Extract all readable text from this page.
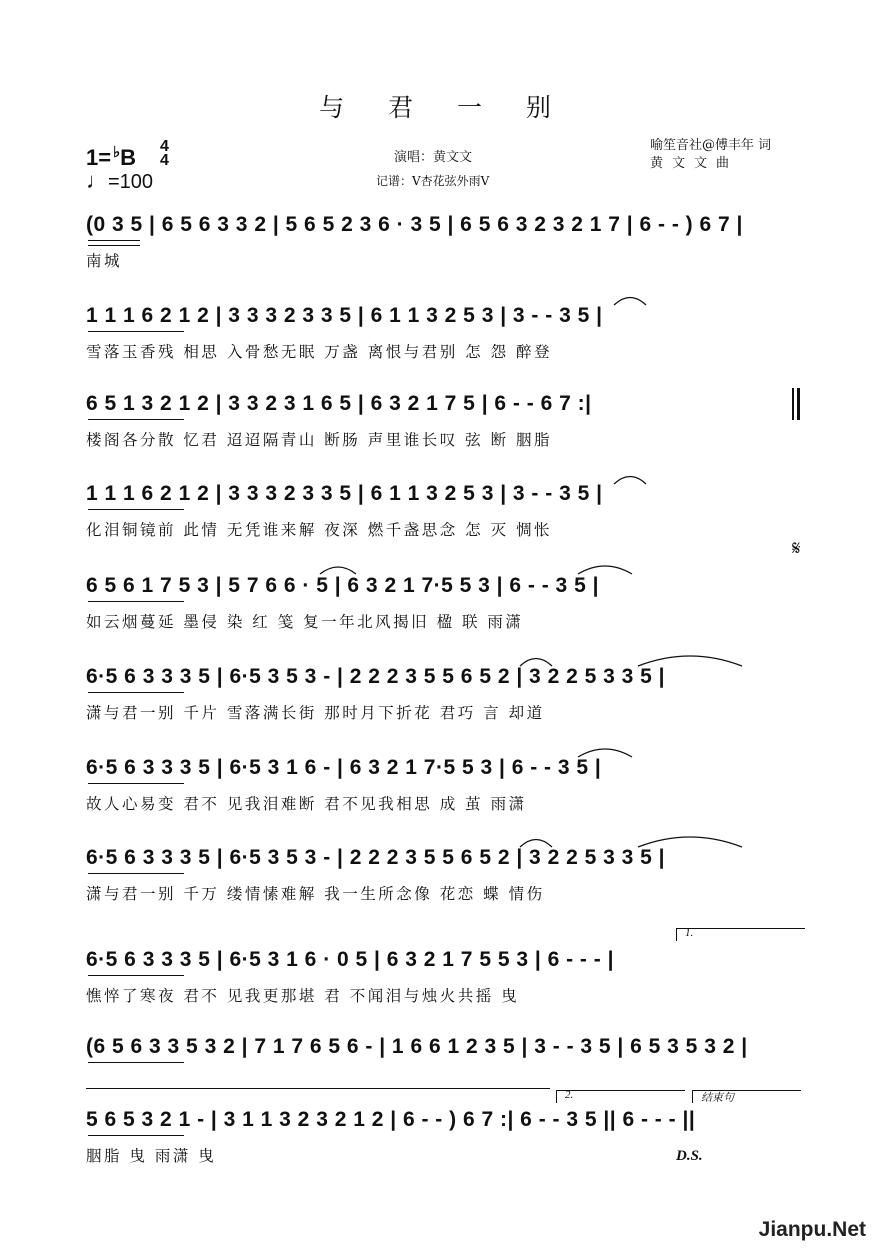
与 君 一 别
1= ♭B 4
4
♩=100
演唱：黄文文
记谱：V杏花弦外雨V
喻笙音社@傅丰年 词
黄文文曲
(0 3 5 | 6 5 6 3 3 2 | 5 6 5 2 3 6 · 3 5 | 6 5 6 3 2 3 2 1 7 | 6 - - ) 6 7 |
南城
1 1 1 6 2 1 2 | 3 3 3 2 3 3 5 | 6 1 1 3 2 5 3 | 3 - - 3 5 |
雪落玉香残 相思 入骨愁无眠 万盏 离恨与君别 怎 怨 醉登
6 5 1 3 2 1 2 | 3 3 2 3 1 6 5 | 6 3 2 1 7 5 | 6 - - 6 7 :|
楼阁各分散 忆君 迢迢隔青山 断肠 声里谁长叹 弦 断 胭脂
1 1 1 6 2 1 2 | 3 3 3 2 3 3 5 | 6 1 1 3 2 5 3 | 3 - - 3 5 |
化泪铜镜前 此情 无凭谁来解 夜深 燃千盏思念 怎 灭 惆怅
6 5 6 1 7 5 3 | 5 7 6 6 · 5 | 6 3 2 1 7·5 5 3 | 6 - - 3 5 |
如云烟蔓延 墨侵 染 红 笺 复一年北风揭旧 楹 联 雨潇
6·5 6 3 3 3 5 | 6·5 3 5 3 - | 2 2 2 3 5 5 6 5 2 | 3 2 2 5 3 3 5 |
潇与君一别 千片 雪落满长街 那时月下折花 君巧 言 却道
6·5 6 3 3 3 5 | 6·5 3 1 6 - | 6 3 2 1 7·5 5 3 | 6 - - 3 5 |
故人心易变 君不 见我泪难断 君不见我相思 成 茧 雨潇
6·5 6 3 3 3 5 | 6·5 3 5 3 - | 2 2 2 3 5 5 6 5 2 | 3 2 2 5 3 3 5 |
潇与君一别 千万 缕情愫难解 我一生所念像 花恋 蝶 情伤
6·5 6 3 3 3 5 | 6·5 3 1 6 · 0 5 | 6 3 2 1 7 5 5 3 | 6 - - - |
憔悴了寒夜 君不 见我更那堪 君 不闻泪与烛火共摇 曳
(6 5 6 3 3 5 3 2 | 7 1 7 6 5 6 - | 1 6 6 1 2 3 5 | 3 - - 3 5 | 6 5 3 5 3 2 |
5 6 5 3 2 1 - | 3 1 1 3 2 3 2 1 2 | 6 - - ) 6 7 :| 6 - - 3 5 || 6 - - - ||
胭脂 曳 雨潇 曳
𝄋
1.
2.	结束句
D.S.
Jianpu.Net
